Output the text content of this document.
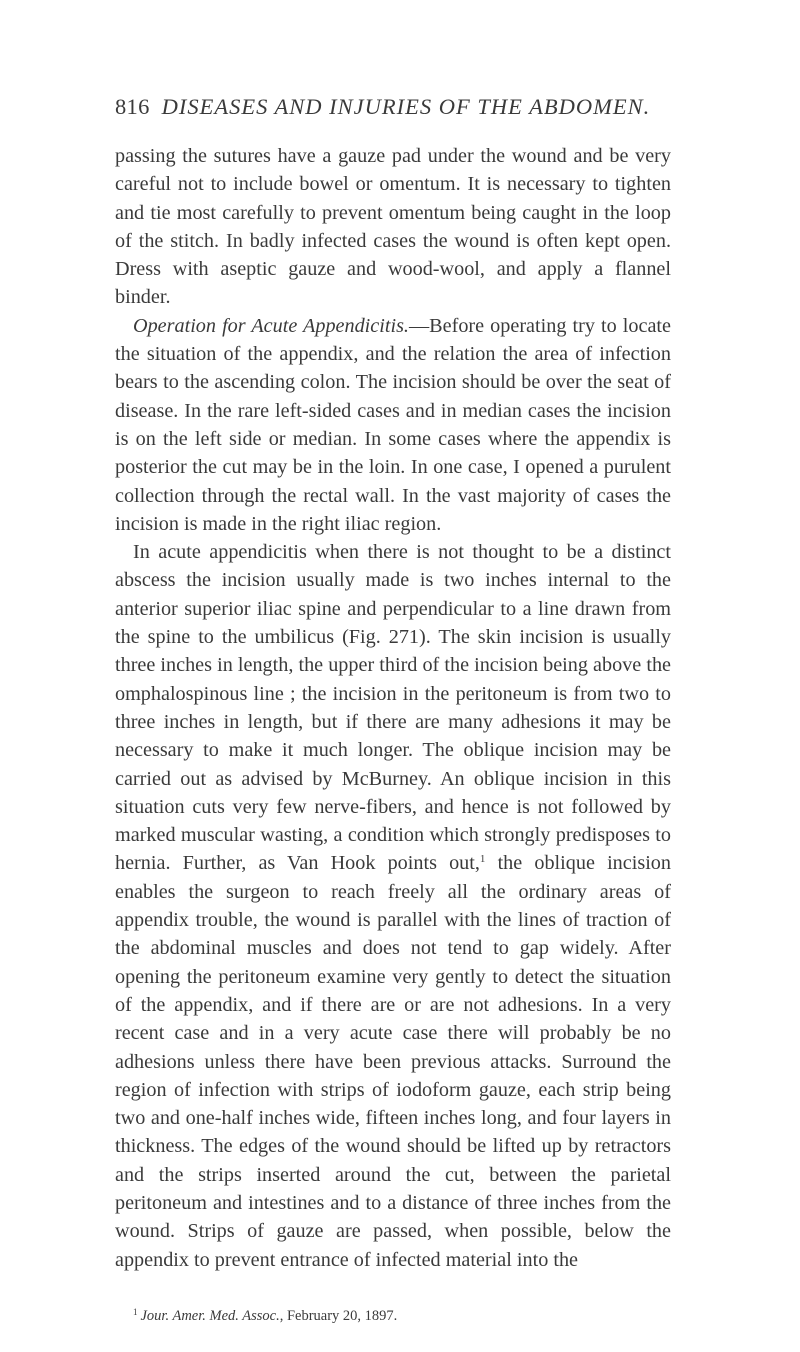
816 DISEASES AND INJURIES OF THE ABDOMEN.

passing the sutures have a gauze pad under the wound and be very careful not to include bowel or omentum. It is necessary to tighten and tie most carefully to prevent omentum being caught in the loop of the stitch. In badly infected cases the wound is often kept open. Dress with aseptic gauze and wood-wool, and apply a flannel binder.

Operation for Acute Appendicitis.—Before operating try to locate the situation of the appendix, and the relation the area of infection bears to the ascending colon. The incision should be over the seat of disease. In the rare left-sided cases and in median cases the incision is on the left side or median. In some cases where the appendix is posterior the cut may be in the loin. In one case, I opened a purulent collection through the rectal wall. In the vast majority of cases the incision is made in the right iliac region.

In acute appendicitis when there is not thought to be a distinct abscess the incision usually made is two inches internal to the anterior superior iliac spine and perpendicular to a line drawn from the spine to the umbilicus (Fig. 271). The skin incision is usually three inches in length, the upper third of the incision being above the omphalospinous line ; the incision in the peritoneum is from two to three inches in length, but if there are many adhesions it may be necessary to make it much longer. The oblique incision may be carried out as advised by McBurney. An oblique incision in this situation cuts very few nerve-fibers, and hence is not followed by marked muscular wasting, a condition which strongly predisposes to hernia. Further, as Van Hook points out,$^1$ the oblique incision enables the surgeon to reach freely all the ordinary areas of appendix trouble, the wound is parallel with the lines of traction of the abdominal muscles and does not tend to gap widely. After opening the peritoneum examine very gently to detect the situation of the appendix, and if there are or are not adhesions. In a very recent case and in a very acute case there will probably be no adhesions unless there have been previous attacks. Surround the region of infection with strips of iodoform gauze, each strip being two and one-half inches wide, fifteen inches long, and four layers in thickness. The edges of the wound should be lifted up by retractors and the strips inserted around the cut, between the parietal peritoneum and intestines and to a distance of three inches from the wound. Strips of gauze are passed, when possible, below the appendix to prevent entrance of infected material into the

$^1$ Jour. Amer. Med. Assoc., February 20, 1897.
